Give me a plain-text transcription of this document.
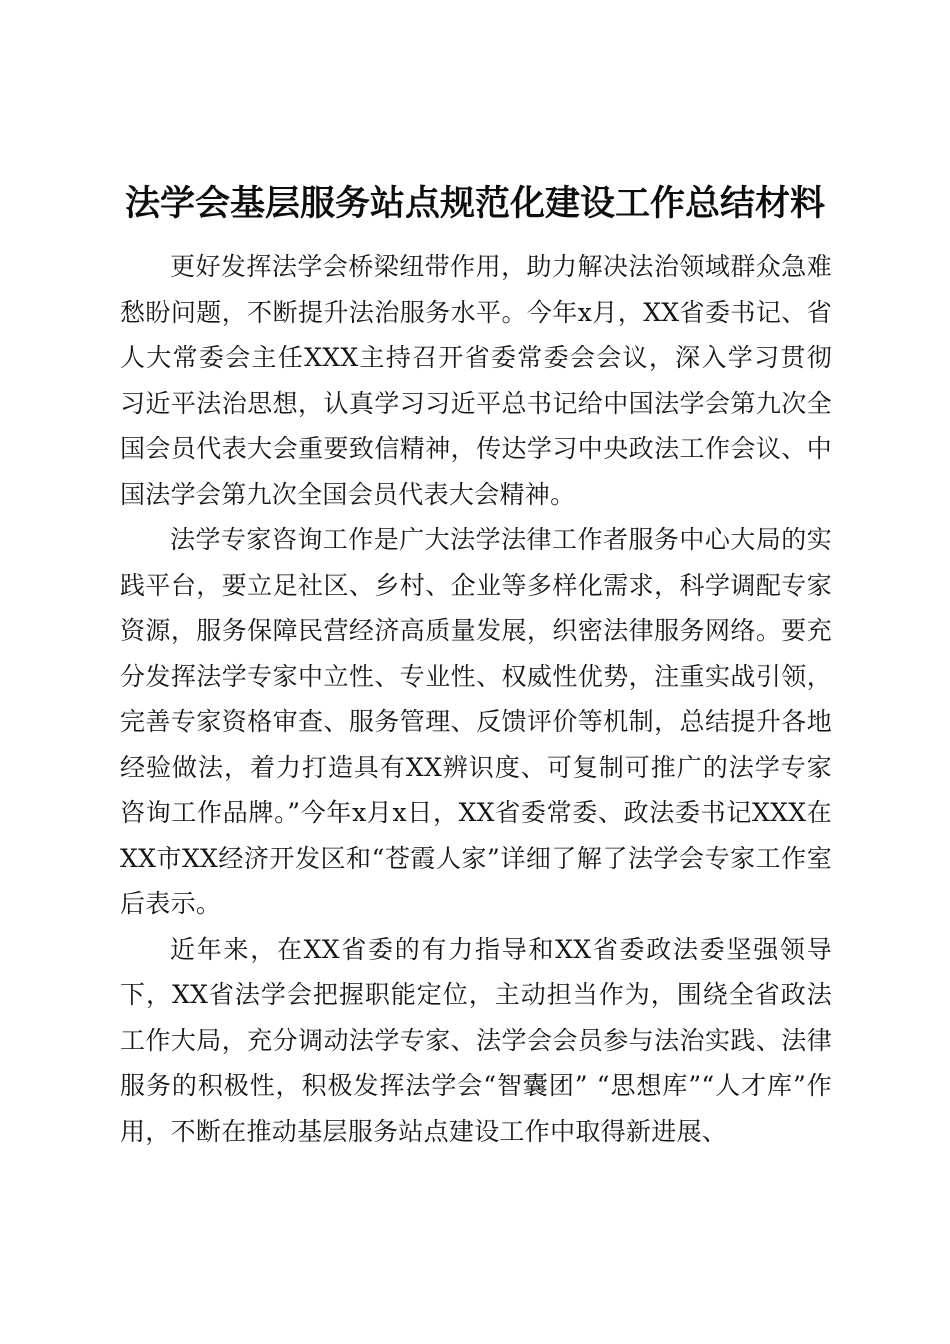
法学会基层服务站点规范化建设工作总结材料

更好发挥法学会桥梁纽带作用，助力解决法治领域群众急难愁盼问题，不断提升法治服务水平。今年x月，XX省委书记、省人大常委会主任XXX主持召开省委常委会会议，深入学习贯彻习近平法治思想，认真学习习近平总书记给中国法学会第九次全国会员代表大会重要致信精神，传达学习中央政法工作会议、中国法学会第九次全国会员代表大会精神。

法学专家咨询工作是广大法学法律工作者服务中心大局的实践平台，要立足社区、乡村、企业等多样化需求，科学调配专家资源，服务保障民营经济高质量发展，织密法律服务网络。要充分发挥法学专家中立性、专业性、权威性优势，注重实战引领，完善专家资格审查、服务管理、反馈评价等机制，总结提升各地经验做法，着力打造具有XX辨识度、可复制可推广的法学专家咨询工作品牌。”今年x月x日，XX省委常委、政法委书记XXX在XX市XX经济开发区和“苍霞人家”详细了解了法学会专家工作室后表示。

近年来，在XX省委的有力指导和XX省委政法委坚强领导下，XX省法学会把握职能定位，主动担当作为，围绕全省政法工作大局，充分调动法学专家、法学会会员参与法治实践、法律服务的积极性，积极发挥法学会“智囊团” “思想库”“人才库”作用，不断在推动基层服务站点建设工作中取得新进展、
